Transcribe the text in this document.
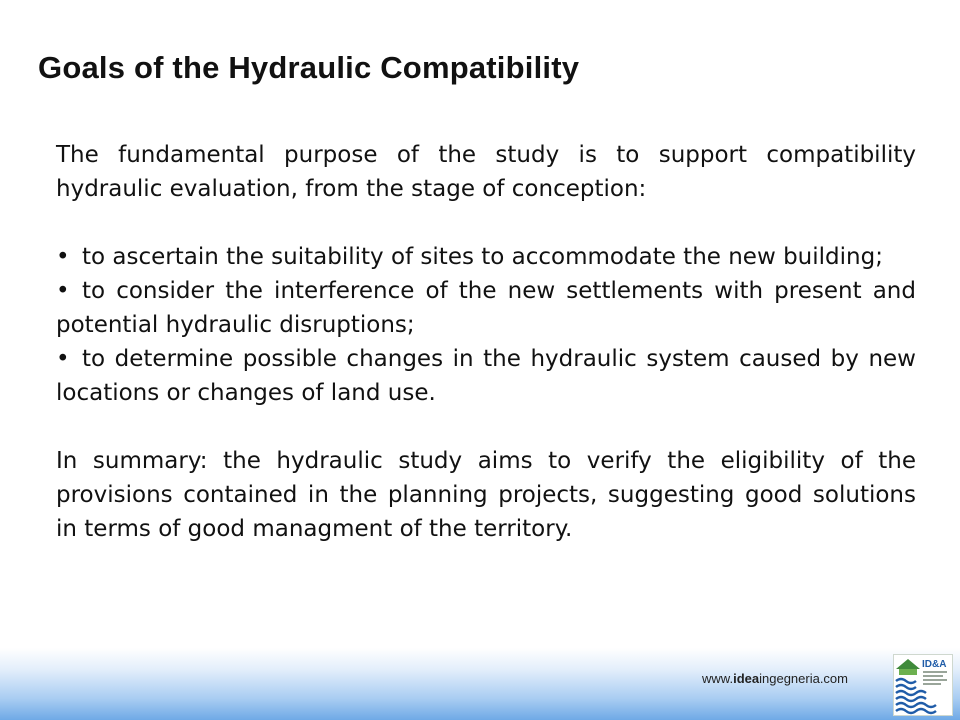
Goals of the Hydraulic Compatibility

The fundamental purpose of the study is to support compatibility hydraulic evaluation, from the stage of conception:

• to ascertain the suitability of sites to accommodate the new building;

• to consider the interference of the new settlements with present and potential hydraulic disruptions;

• to determine possible changes in the hydraulic system caused by new locations or changes of land use.

In summary: the hydraulic study aims to verify the eligibility of the provisions contained in the planning projects, suggesting good solutions in terms of good managment of the territory.

www.ideaingegneria.com
ID&A
